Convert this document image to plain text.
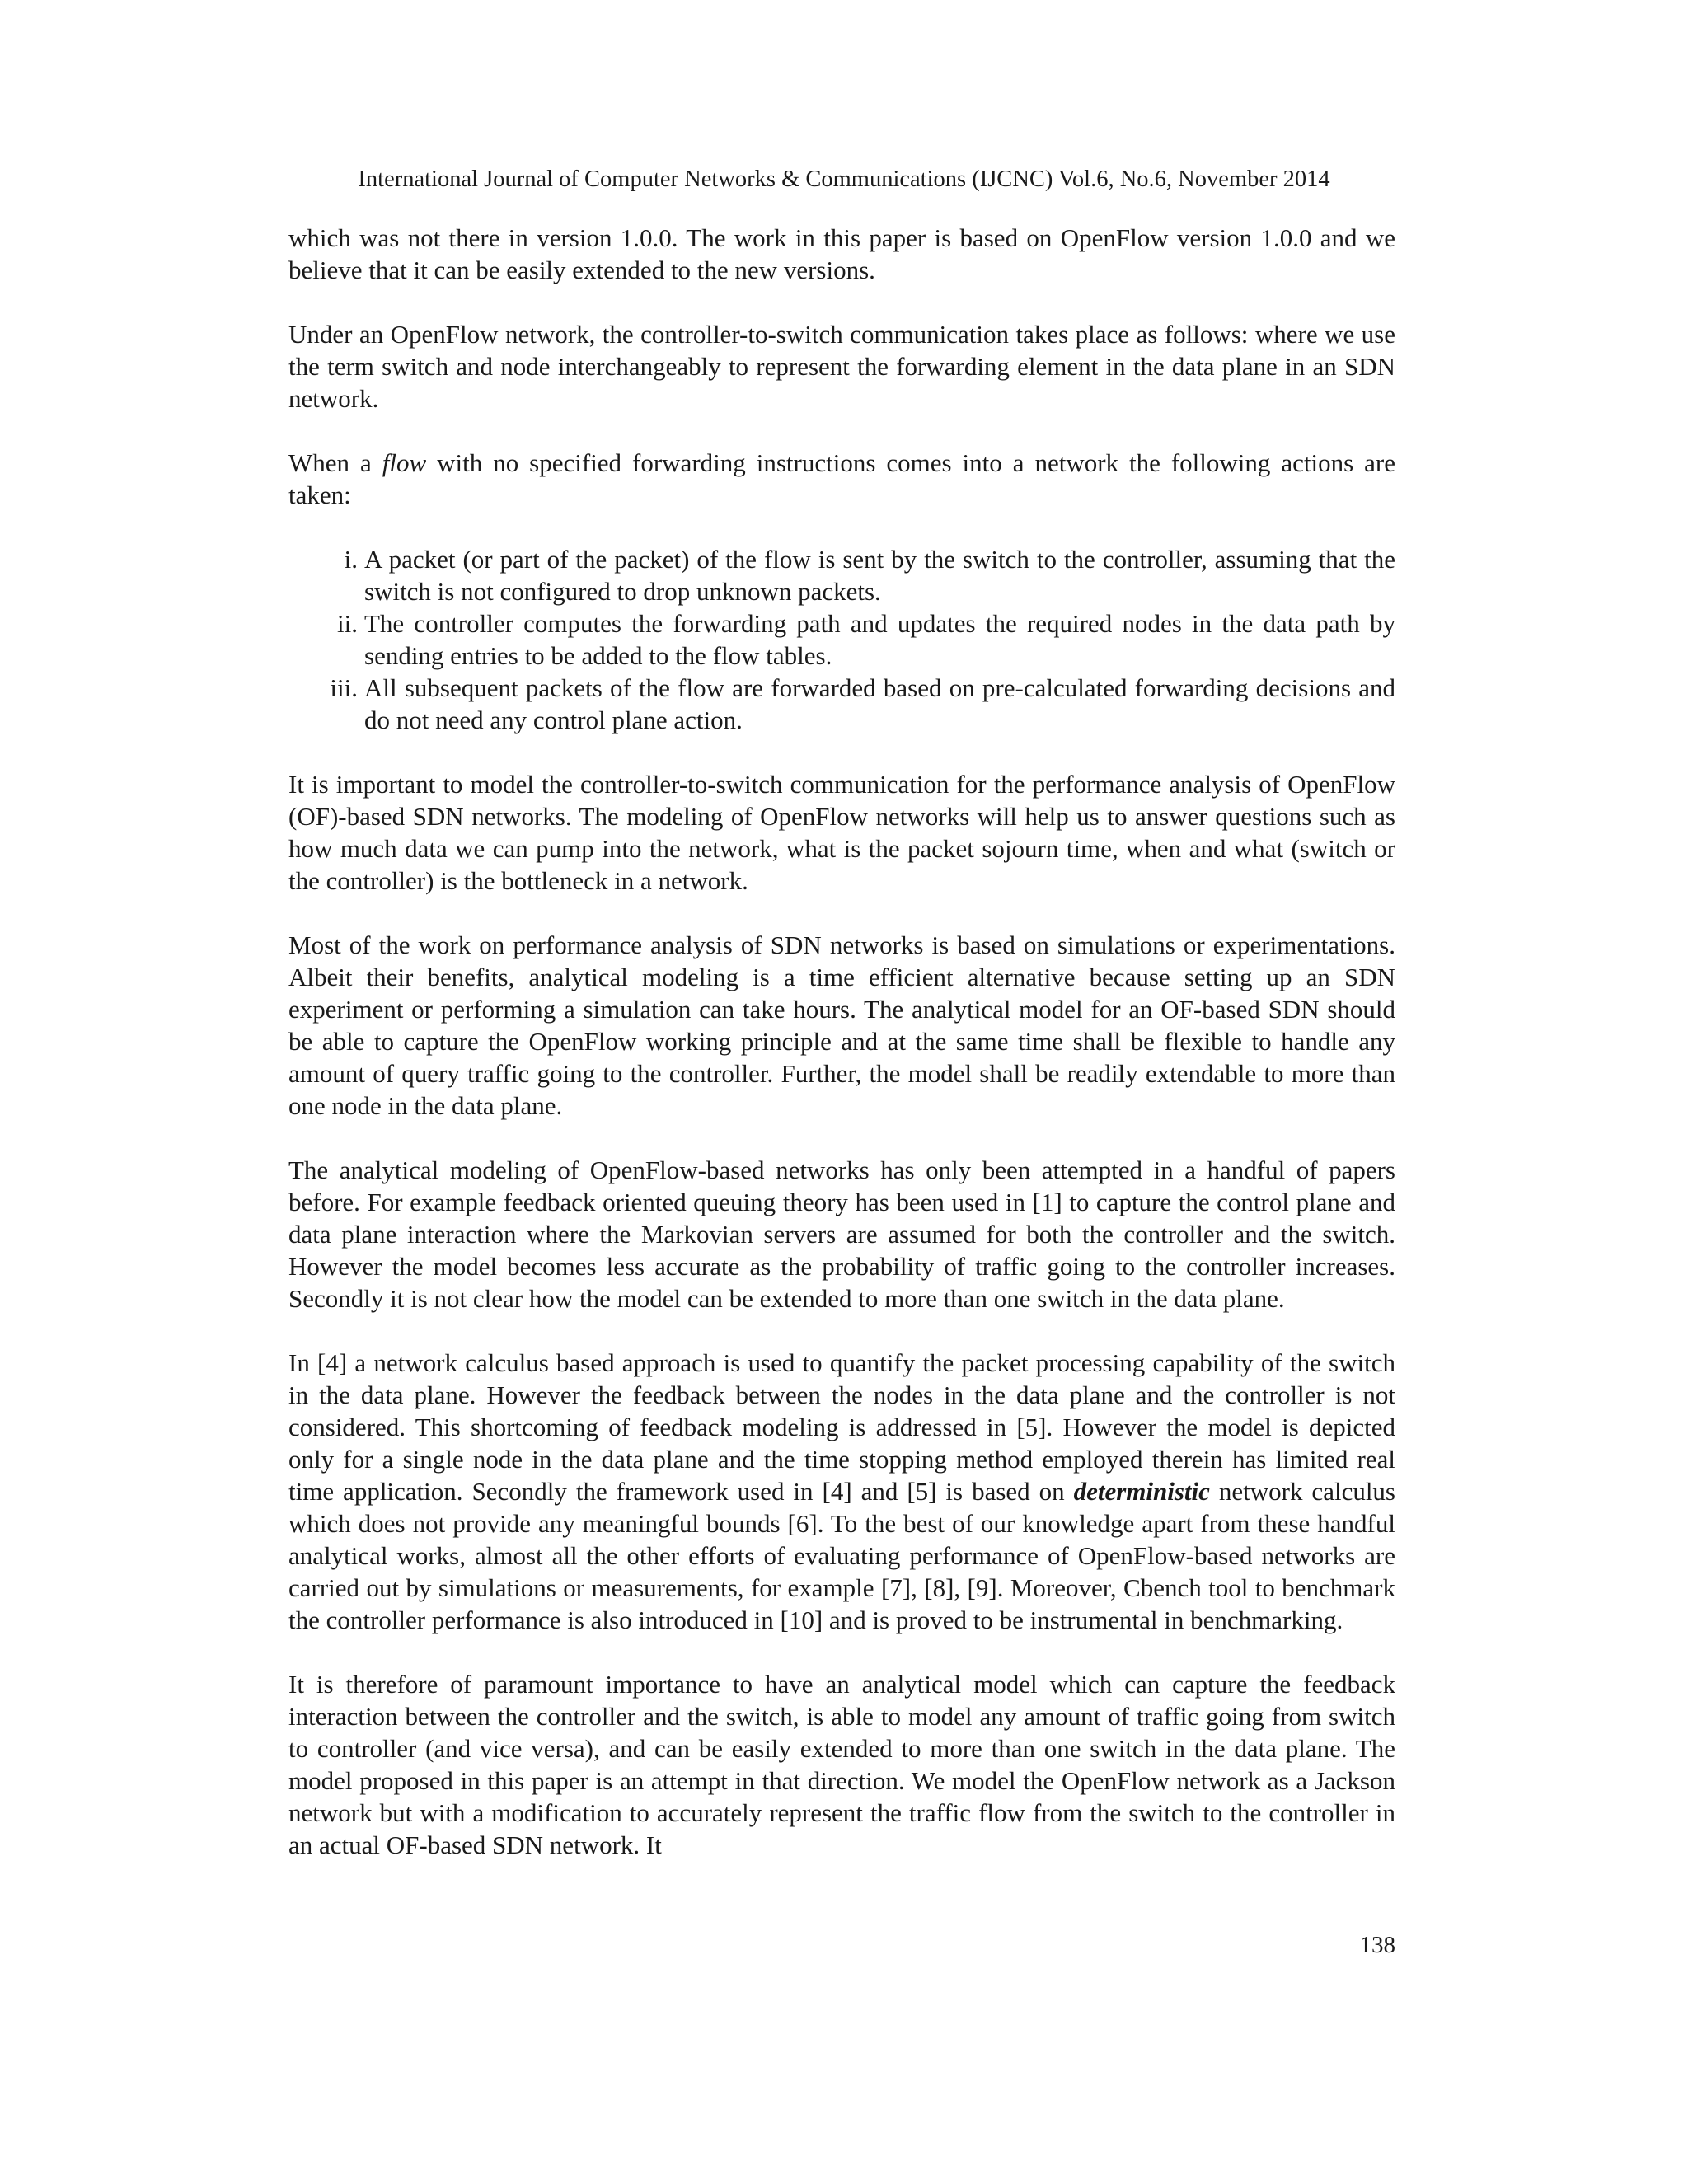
International Journal of Computer Networks & Communications (IJCNC) Vol.6, No.6, November 2014

which was not there in version 1.0.0. The work in this paper is based on OpenFlow version 1.0.0 and we believe that it can be easily extended to the new versions.

Under an OpenFlow network, the controller-to-switch communication takes place as follows: where we use the term switch and node interchangeably to represent the forwarding element in the data plane in an SDN network.

When a flow with no specified forwarding instructions comes into a network the following actions are taken:

i. A packet (or part of the packet) of the flow is sent by the switch to the controller, assuming that the switch is not configured to drop unknown packets.
ii. The controller computes the forwarding path and updates the required nodes in the data path by sending entries to be added to the flow tables.
iii. All subsequent packets of the flow are forwarded based on pre-calculated forwarding decisions and do not need any control plane action.

It is important to model the controller-to-switch communication for the performance analysis of OpenFlow (OF)-based SDN networks. The modeling of OpenFlow networks will help us to answer questions such as how much data we can pump into the network, what is the packet sojourn time, when and what (switch or the controller) is the bottleneck in a network.

Most of the work on performance analysis of SDN networks is based on simulations or experimentations. Albeit their benefits, analytical modeling is a time efficient alternative because setting up an SDN experiment or performing a simulation can take hours. The analytical model for an OF-based SDN should be able to capture the OpenFlow working principle and at the same time shall be flexible to handle any amount of query traffic going to the controller. Further, the model shall be readily extendable to more than one node in the data plane.

The analytical modeling of OpenFlow-based networks has only been attempted in a handful of papers before. For example feedback oriented queuing theory has been used in [1] to capture the control plane and data plane interaction where the Markovian servers are assumed for both the controller and the switch. However the model becomes less accurate as the probability of traffic going to the controller increases. Secondly it is not clear how the model can be extended to more than one switch in the data plane.

In [4] a network calculus based approach is used to quantify the packet processing capability of the switch in the data plane. However the feedback between the nodes in the data plane and the controller is not considered. This shortcoming of feedback modeling is addressed in [5]. However the model is depicted only for a single node in the data plane and the time stopping method employed therein has limited real time application. Secondly the framework used in [4] and [5] is based on deterministic network calculus which does not provide any meaningful bounds [6]. To the best of our knowledge apart from these handful analytical works, almost all the other efforts of evaluating performance of OpenFlow-based networks are carried out by simulations or measurements, for example [7], [8], [9]. Moreover, Cbench tool to benchmark the controller performance is also introduced in [10] and is proved to be instrumental in benchmarking.

It is therefore of paramount importance to have an analytical model which can capture the feedback interaction between the controller and the switch, is able to model any amount of traffic going from switch to controller (and vice versa), and can be easily extended to more than one switch in the data plane. The model proposed in this paper is an attempt in that direction. We model the OpenFlow network as a Jackson network but with a modification to accurately represent the traffic flow from the switch to the controller in an actual OF-based SDN network. It

138
